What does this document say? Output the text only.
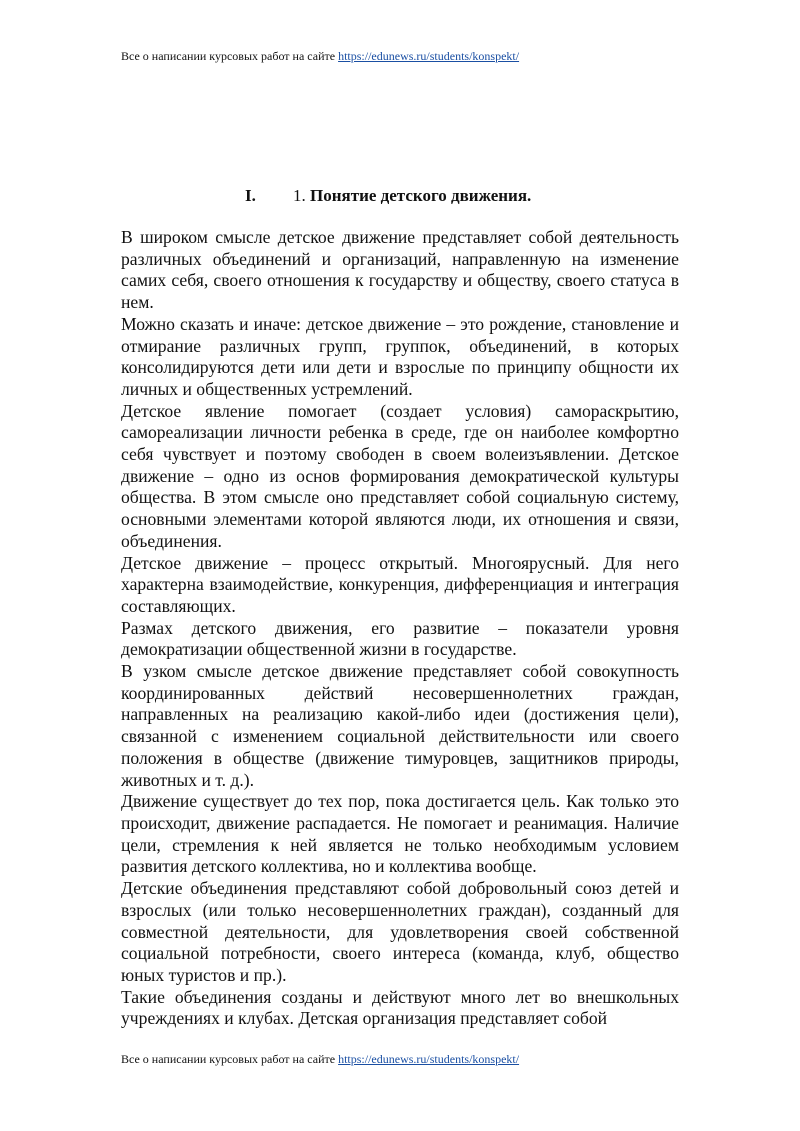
Все о написании курсовых работ на сайте https://edunews.ru/students/konspekt/
I. 1. Понятие детского движения.

В широком смысле детское движение представляет собой деятельность различных объединений и организаций, направленную на изменение самих себя, своего отношения к государству и обществу, своего статуса в нем.

Можно сказать и иначе: детское движение – это рождение, становление и отмирание различных групп, группок, объединений, в которых консолидируются дети или дети и взрослые по принципу общности их личных и общественных устремлений.

Детское явление помогает (создает условия) самораскрытию, самореализации личности ребенка в среде, где он наиболее комфортно себя чувствует и поэтому свободен в своем волеизъявлении. Детское движение – одно из основ формирования демократической культуры общества. В этом смысле оно представляет собой социальную систему, основными элементами которой являются люди, их отношения и связи, объединения.

Детское движение – процесс открытый. Многоярусный. Для него характерна взаимодействие, конкуренция, дифференциация и интеграция составляющих.

Размах детского движения, его развитие – показатели уровня демократизации общественной жизни в государстве.

В узком смысле детское движение представляет собой совокупность координированных действий несовершеннолетних граждан, направленных на реализацию какой-либо идеи (достижения цели), связанной с изменением социальной действительности или своего положения в обществе (движение тимуровцев, защитников природы, животных и т. д.).

Движение существует до тех пор, пока достигается цель. Как только это происходит, движение распадается. Не помогает и реанимация. Наличие цели, стремления к ней является не только необходимым условием развития детского коллектива, но и коллектива вообще.

Детские объединения представляют собой добровольный союз детей и взрослых (или только несовершеннолетних граждан), созданный для совместной деятельности, для удовлетворения своей собственной социальной потребности, своего интереса (команда, клуб, общество юных туристов и пр.).

Такие объединения созданы и действуют много лет во внешкольных учреждениях и клубах. Детская организация представляет собой

Все о написании курсовых работ на сайте https://edunews.ru/students/konspekt/
